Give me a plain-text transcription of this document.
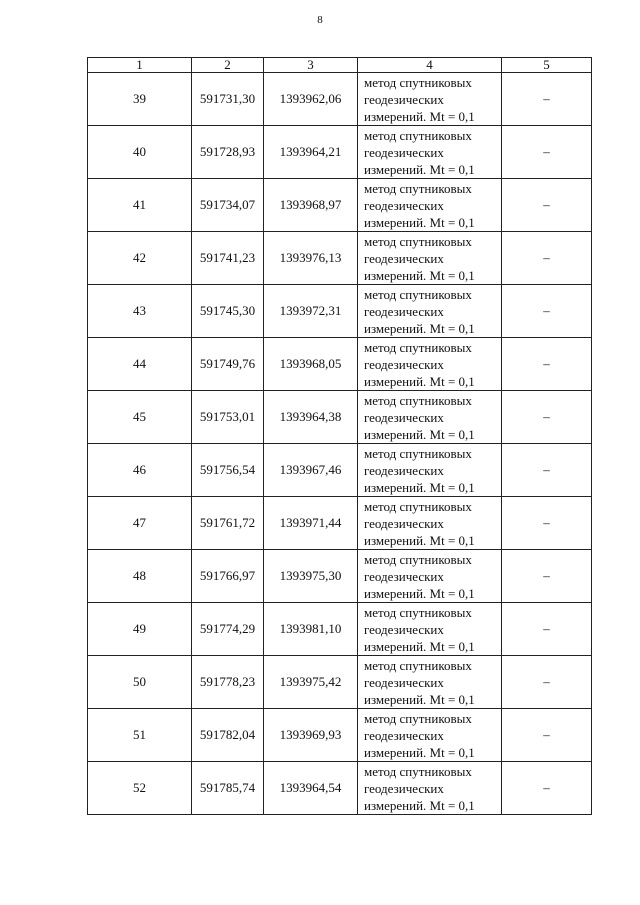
8
1	2	3	4	5
39	591731,30	1393962,06	метод спутниковых
геодезических
измерений. Mt = 0,1	–
40	591728,93	1393964,21	метод спутниковых
геодезических
измерений. Mt = 0,1	–
41	591734,07	1393968,97	метод спутниковых
геодезических
измерений. Mt = 0,1	–
42	591741,23	1393976,13	метод спутниковых
геодезических
измерений. Mt = 0,1	–
43	591745,30	1393972,31	метод спутниковых
геодезических
измерений. Mt = 0,1	–
44	591749,76	1393968,05	метод спутниковых
геодезических
измерений. Mt = 0,1	–
45	591753,01	1393964,38	метод спутниковых
геодезических
измерений. Mt = 0,1	–
46	591756,54	1393967,46	метод спутниковых
геодезических
измерений. Mt = 0,1	–
47	591761,72	1393971,44	метод спутниковых
геодезических
измерений. Mt = 0,1	–
48	591766,97	1393975,30	метод спутниковых
геодезических
измерений. Mt = 0,1	–
49	591774,29	1393981,10	метод спутниковых
геодезических
измерений. Mt = 0,1	–
50	591778,23	1393975,42	метод спутниковых
геодезических
измерений. Mt = 0,1	–
51	591782,04	1393969,93	метод спутниковых
геодезических
измерений. Mt = 0,1	–
52	591785,74	1393964,54	метод спутниковых
геодезических
измерений. Mt = 0,1	–
